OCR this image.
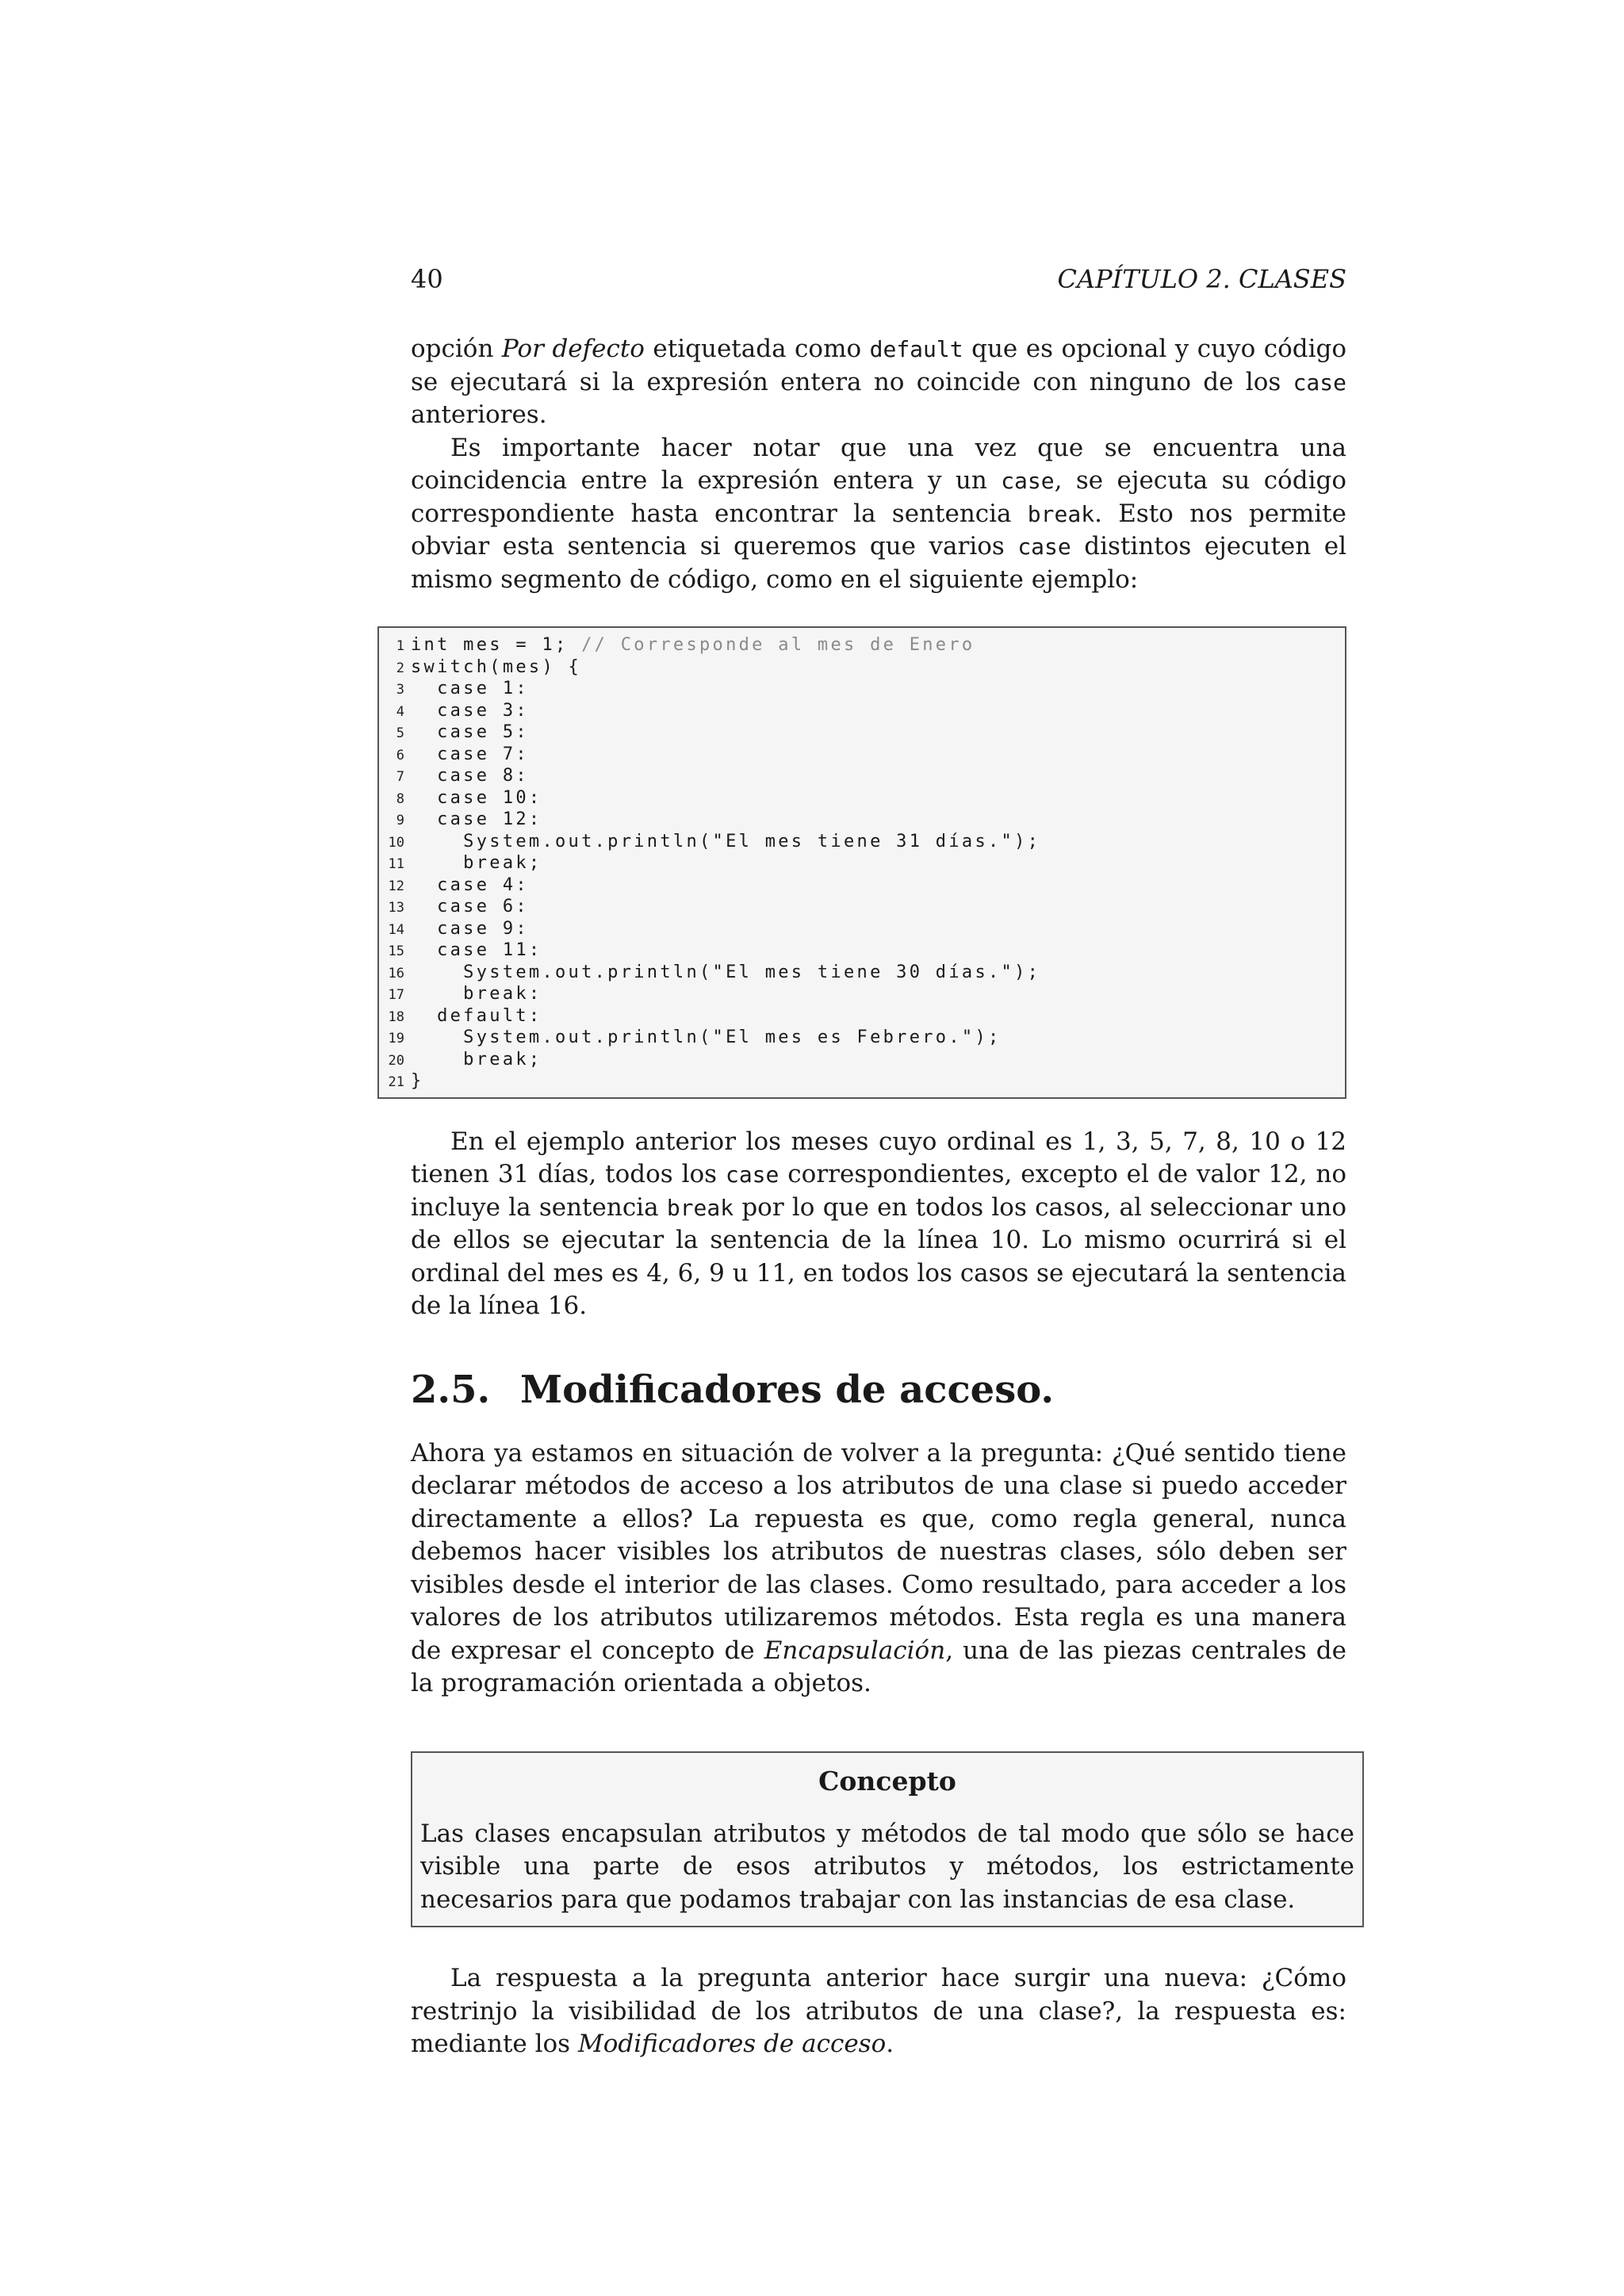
40	CAPÍTULO 2. CLASES

opción Por defecto etiquetada como default que es opcional y cuyo código se ejecutará si la expresión entera no coincide con ninguno de los case anteriores.

Es importante hacer notar que una vez que se encuentra una coincidencia entre la expresión entera y un case, se ejecuta su código correspondiente hasta encontrar la sentencia break. Esto nos permite obviar esta sentencia si queremos que varios case distintos ejecuten el mismo segmento de código, como en el siguiente ejemplo:

1 int mes = 1; // Corresponde al mes de Enero
2 switch(mes) {
3 case 1:
4 case 3:
5 case 5:
6 case 7:
7 case 8:
8 case 10:
9 case 12:
10 System.out.println("El mes tiene 31 días.");
11 break;
12 case 4:
13 case 6:
14 case 9:
15 case 11:
16 System.out.println("El mes tiene 30 días.");
17 break:
18 default:
19 System.out.println("El mes es Febrero.");
20 break;
21 }

En el ejemplo anterior los meses cuyo ordinal es 1, 3, 5, 7, 8, 10 o 12 tienen 31 días, todos los case correspondientes, excepto el de valor 12, no incluye la sentencia break por lo que en todos los casos, al seleccionar uno de ellos se ejecutar la sentencia de la línea 10. Lo mismo ocurrirá si el ordinal del mes es 4, 6, 9 u 11, en todos los casos se ejecutará la sentencia de la línea 16.

2.5. Modificadores de acceso.

Ahora ya estamos en situación de volver a la pregunta: ¿Qué sentido tiene declarar métodos de acceso a los atributos de una clase si puedo acceder directamente a ellos? La repuesta es que, como regla general, nunca debemos hacer visibles los atributos de nuestras clases, sólo deben ser visibles desde el interior de las clases. Como resultado, para acceder a los valores de los atributos utilizaremos métodos. Esta regla es una manera de expresar el concepto de Encapsulación, una de las piezas centrales de la programación orientada a objetos.

Concepto

Las clases encapsulan atributos y métodos de tal modo que sólo se hace visible una parte de esos atributos y métodos, los estrictamente necesarios para que podamos trabajar con las instancias de esa clase.

La respuesta a la pregunta anterior hace surgir una nueva: ¿Cómo restrinjo la visibilidad de los atributos de una clase?, la respuesta es: mediante los Modificadores de acceso.
